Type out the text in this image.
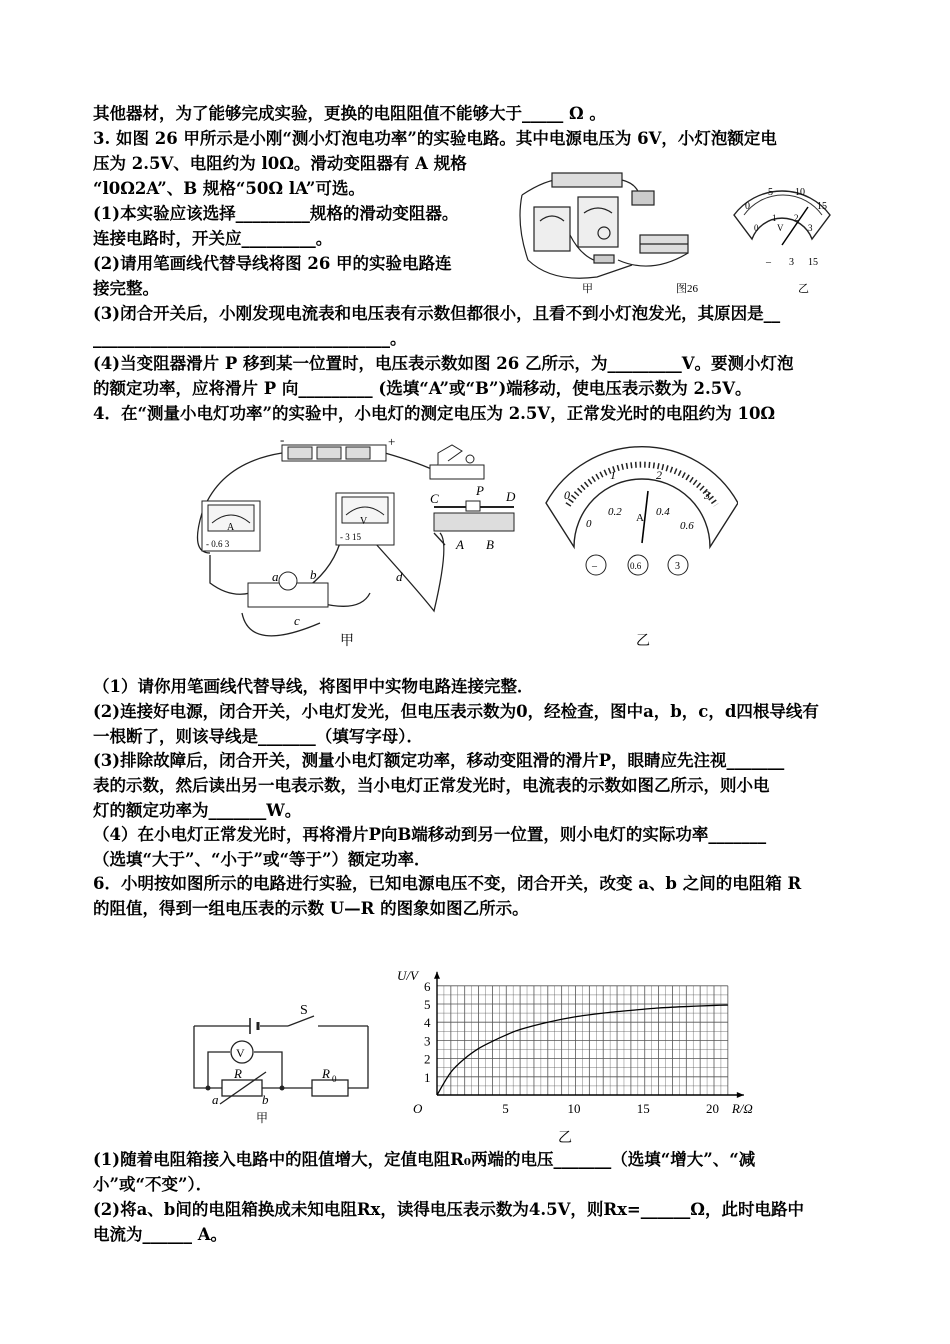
其他器材，为了能够完成实验，更换的电阻阻值不能够大于_____ Ω 。
3. 如图 26 甲所示是小刚“测小灯泡电功率”的实验电路。其中电源电压为 6V，小灯泡额定电
压为 2.5V、电阻约为 l0Ω。滑动变阻器有 A 规格
“l0Ω2A”、B 规格“50Ω lA”可选。
(1)本实验应该选择_________规格的滑动变阻器。
连接电路时，开关应_________。
(2)请用笔画线代替导线将图 26 甲的实验电路连
接完整。
(3)闭合开关后，小刚发现电流表和电压表有示数但都很小，且看不到小灯泡发光，其原因是__
____________________________________。
(4)当变阻器滑片 P 移到某一位置时，电压表示数如图 26 乙所示，为_________V。要测小灯泡
的额定功率，应将滑片 P 向_________ (选填“A”或“B”)端移动，使电压表示数为 2.5V。
4．在“测量小电灯功率”的实验中，小电灯的测定电压为 2.5V，正常发光时的电阻约为 10Ω
（1）请你用笔画线代替导线，将图甲中实物电路连接完整．
(2)连接好电源，闭合开关，小电灯发光，但电压表示数为0，经检查，图中a，b，c，d四根导线有
一根断了，则该导线是_______（填写字母）．
(3)排除故障后，闭合开关，测量小电灯额定功率，移动变阻滑的滑片P，眼睛应先注视_______
表的示数，然后读出另一电表示数，当小电灯正常发光时，电流表的示数如图乙所示，则小电
灯的额定功率为_______W。
（4）在小电灯正常发光时，再将滑片P向B端移动到另一位置，则小电灯的实际功率_______
（选填“大于”、“小于”或“等于”）额定功率．
6．小明按如图所示的电路进行实验，已知电源电压不变，闭合开关，改变 a、b 之间的电阻箱 R
的阻值，得到一组电压表的示数 U—R 的图象如图乙所示。
(1)随着电阻箱接入电路中的阻值增大，定值电阻R₀两端的电压_______（选填“增大”、“减
小”或“不变”）．
(2)将a、b间的电阻箱换成未知电阻Rx，读得电压表示数为4.5V，则Rx=______Ω，此时电路中
电流为______ A。
甲	图26
0
5 10
15
0
1 2
3
V
– 3 15
乙
-	+
A
- 0.6 3
V
- 3 15
C
P D
A B
a b
c
d
甲
0
1	2
3
0
0.2	0.4
0.6
A
–	0.6	3
乙
S
V
R	R 0
a	b
甲
5	10	15	20
1
2
3
4
5
6
U/V
R/Ω
O
乙
